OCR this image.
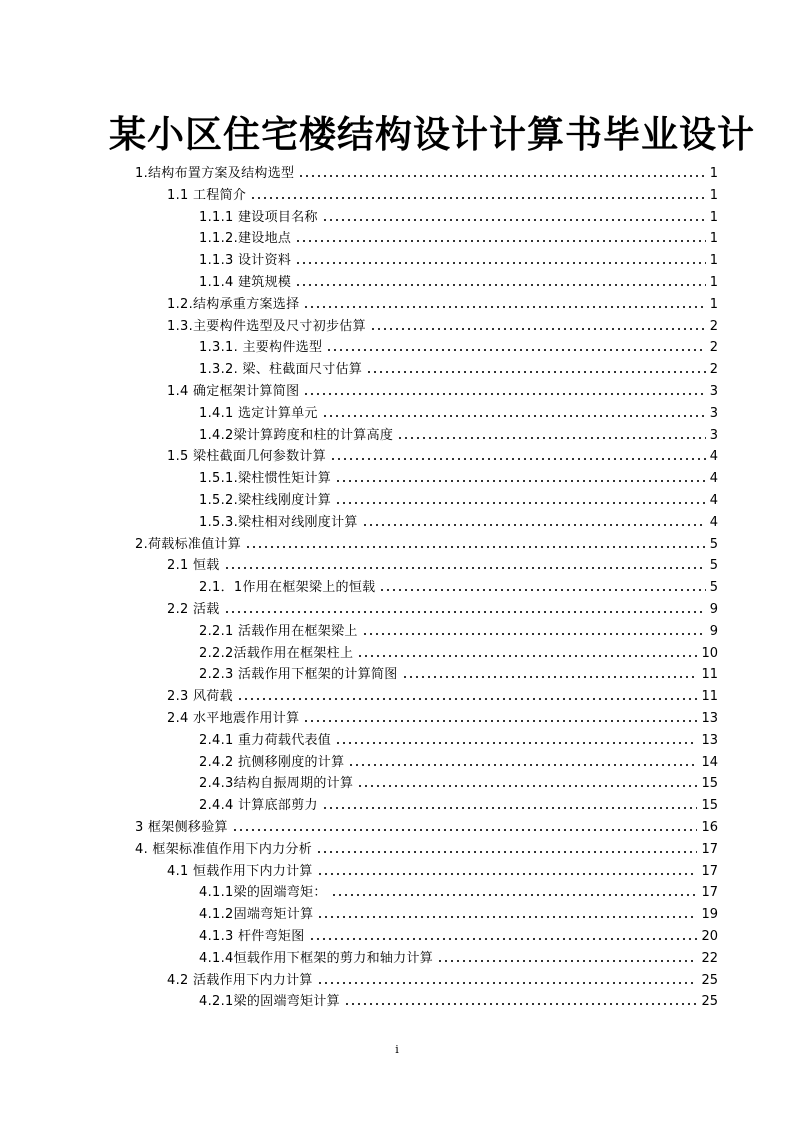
某小区住宅楼结构设计计算书毕业设计
1.结构布置方案及结构选型	1
1.1 工程简介	1
1.1.1 建设项目名称	1
1.1.2.建设地点	1
1.1.3 设计资料	1
1.1.4 建筑规模	1
1.2.结构承重方案选择	1
1.3.主要构件选型及尺寸初步估算	2
1.3.1. 主要构件选型	2
1.3.2. 梁、柱截面尺寸估算	2
1.4 确定框架计算简图	3
1.4.1 选定计算单元	3
1.4.2梁计算跨度和柱的计算高度	3
1.5 梁柱截面几何参数计算	4
1.5.1.梁柱惯性矩计算	4
1.5.2.梁柱线刚度计算	4
1.5.3.梁柱相对线刚度计算	4
2.荷载标准值计算	5
2.1 恒载	5
2.1．1作用在框架梁上的恒载	5
2.2 活载	9
2.2.1 活载作用在框架梁上	9
2.2.2活载作用在框架柱上	10
2.2.3 活载作用下框架的计算简图	11
2.3 风荷载	11
2.4 水平地震作用计算	13
2.4.1 重力荷载代表值	13
2.4.2 抗侧移刚度的计算	14
2.4.3结构自振周期的计算	15
2.4.4 计算底部剪力	15
3 框架侧移验算	16
4. 框架标准值作用下内力分析	17
4.1 恒载作用下内力计算	17
4.1.1梁的固端弯矩：	17
4.1.2固端弯矩计算	19
4.1.3 杆件弯矩图	20
4.1.4恒载作用下框架的剪力和轴力计算	22
4.2 活载作用下内力计算	25
4.2.1梁的固端弯矩计算	25
i
